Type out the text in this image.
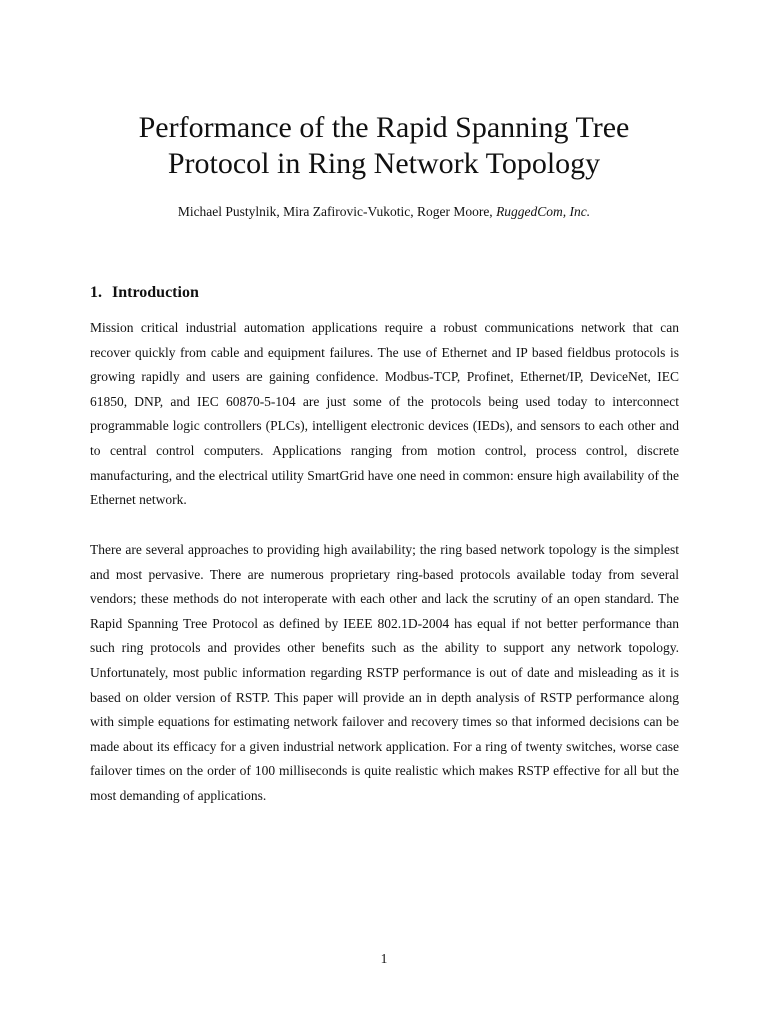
Performance of the Rapid Spanning Tree Protocol in Ring Network Topology

Michael Pustylnik, Mira Zafirovic-Vukotic, Roger Moore, RuggedCom, Inc.

1. Introduction

Mission critical industrial automation applications require a robust communications network that can recover quickly from cable and equipment failures. The use of Ethernet and IP based fieldbus protocols is growing rapidly and users are gaining confidence. Modbus-TCP, Profinet, Ethernet/IP, DeviceNet, IEC 61850, DNP, and IEC 60870-5-104 are just some of the protocols being used today to interconnect programmable logic controllers (PLCs), intelligent electronic devices (IEDs), and sensors to each other and to central control computers. Applications ranging from motion control, process control, discrete manufacturing, and the electrical utility SmartGrid have one need in common: ensure high availability of the Ethernet network.

There are several approaches to providing high availability; the ring based network topology is the simplest and most pervasive. There are numerous proprietary ring-based protocols available today from several vendors; these methods do not interoperate with each other and lack the scrutiny of an open standard. The Rapid Spanning Tree Protocol as defined by IEEE 802.1D-2004 has equal if not better performance than such ring protocols and provides other benefits such as the ability to support any network topology. Unfortunately, most public information regarding RSTP performance is out of date and misleading as it is based on older version of RSTP. This paper will provide an in depth analysis of RSTP performance along with simple equations for estimating network failover and recovery times so that informed decisions can be made about its efficacy for a given industrial network application. For a ring of twenty switches, worse case failover times on the order of 100 milliseconds is quite realistic which makes RSTP effective for all but the most demanding of applications.

1
